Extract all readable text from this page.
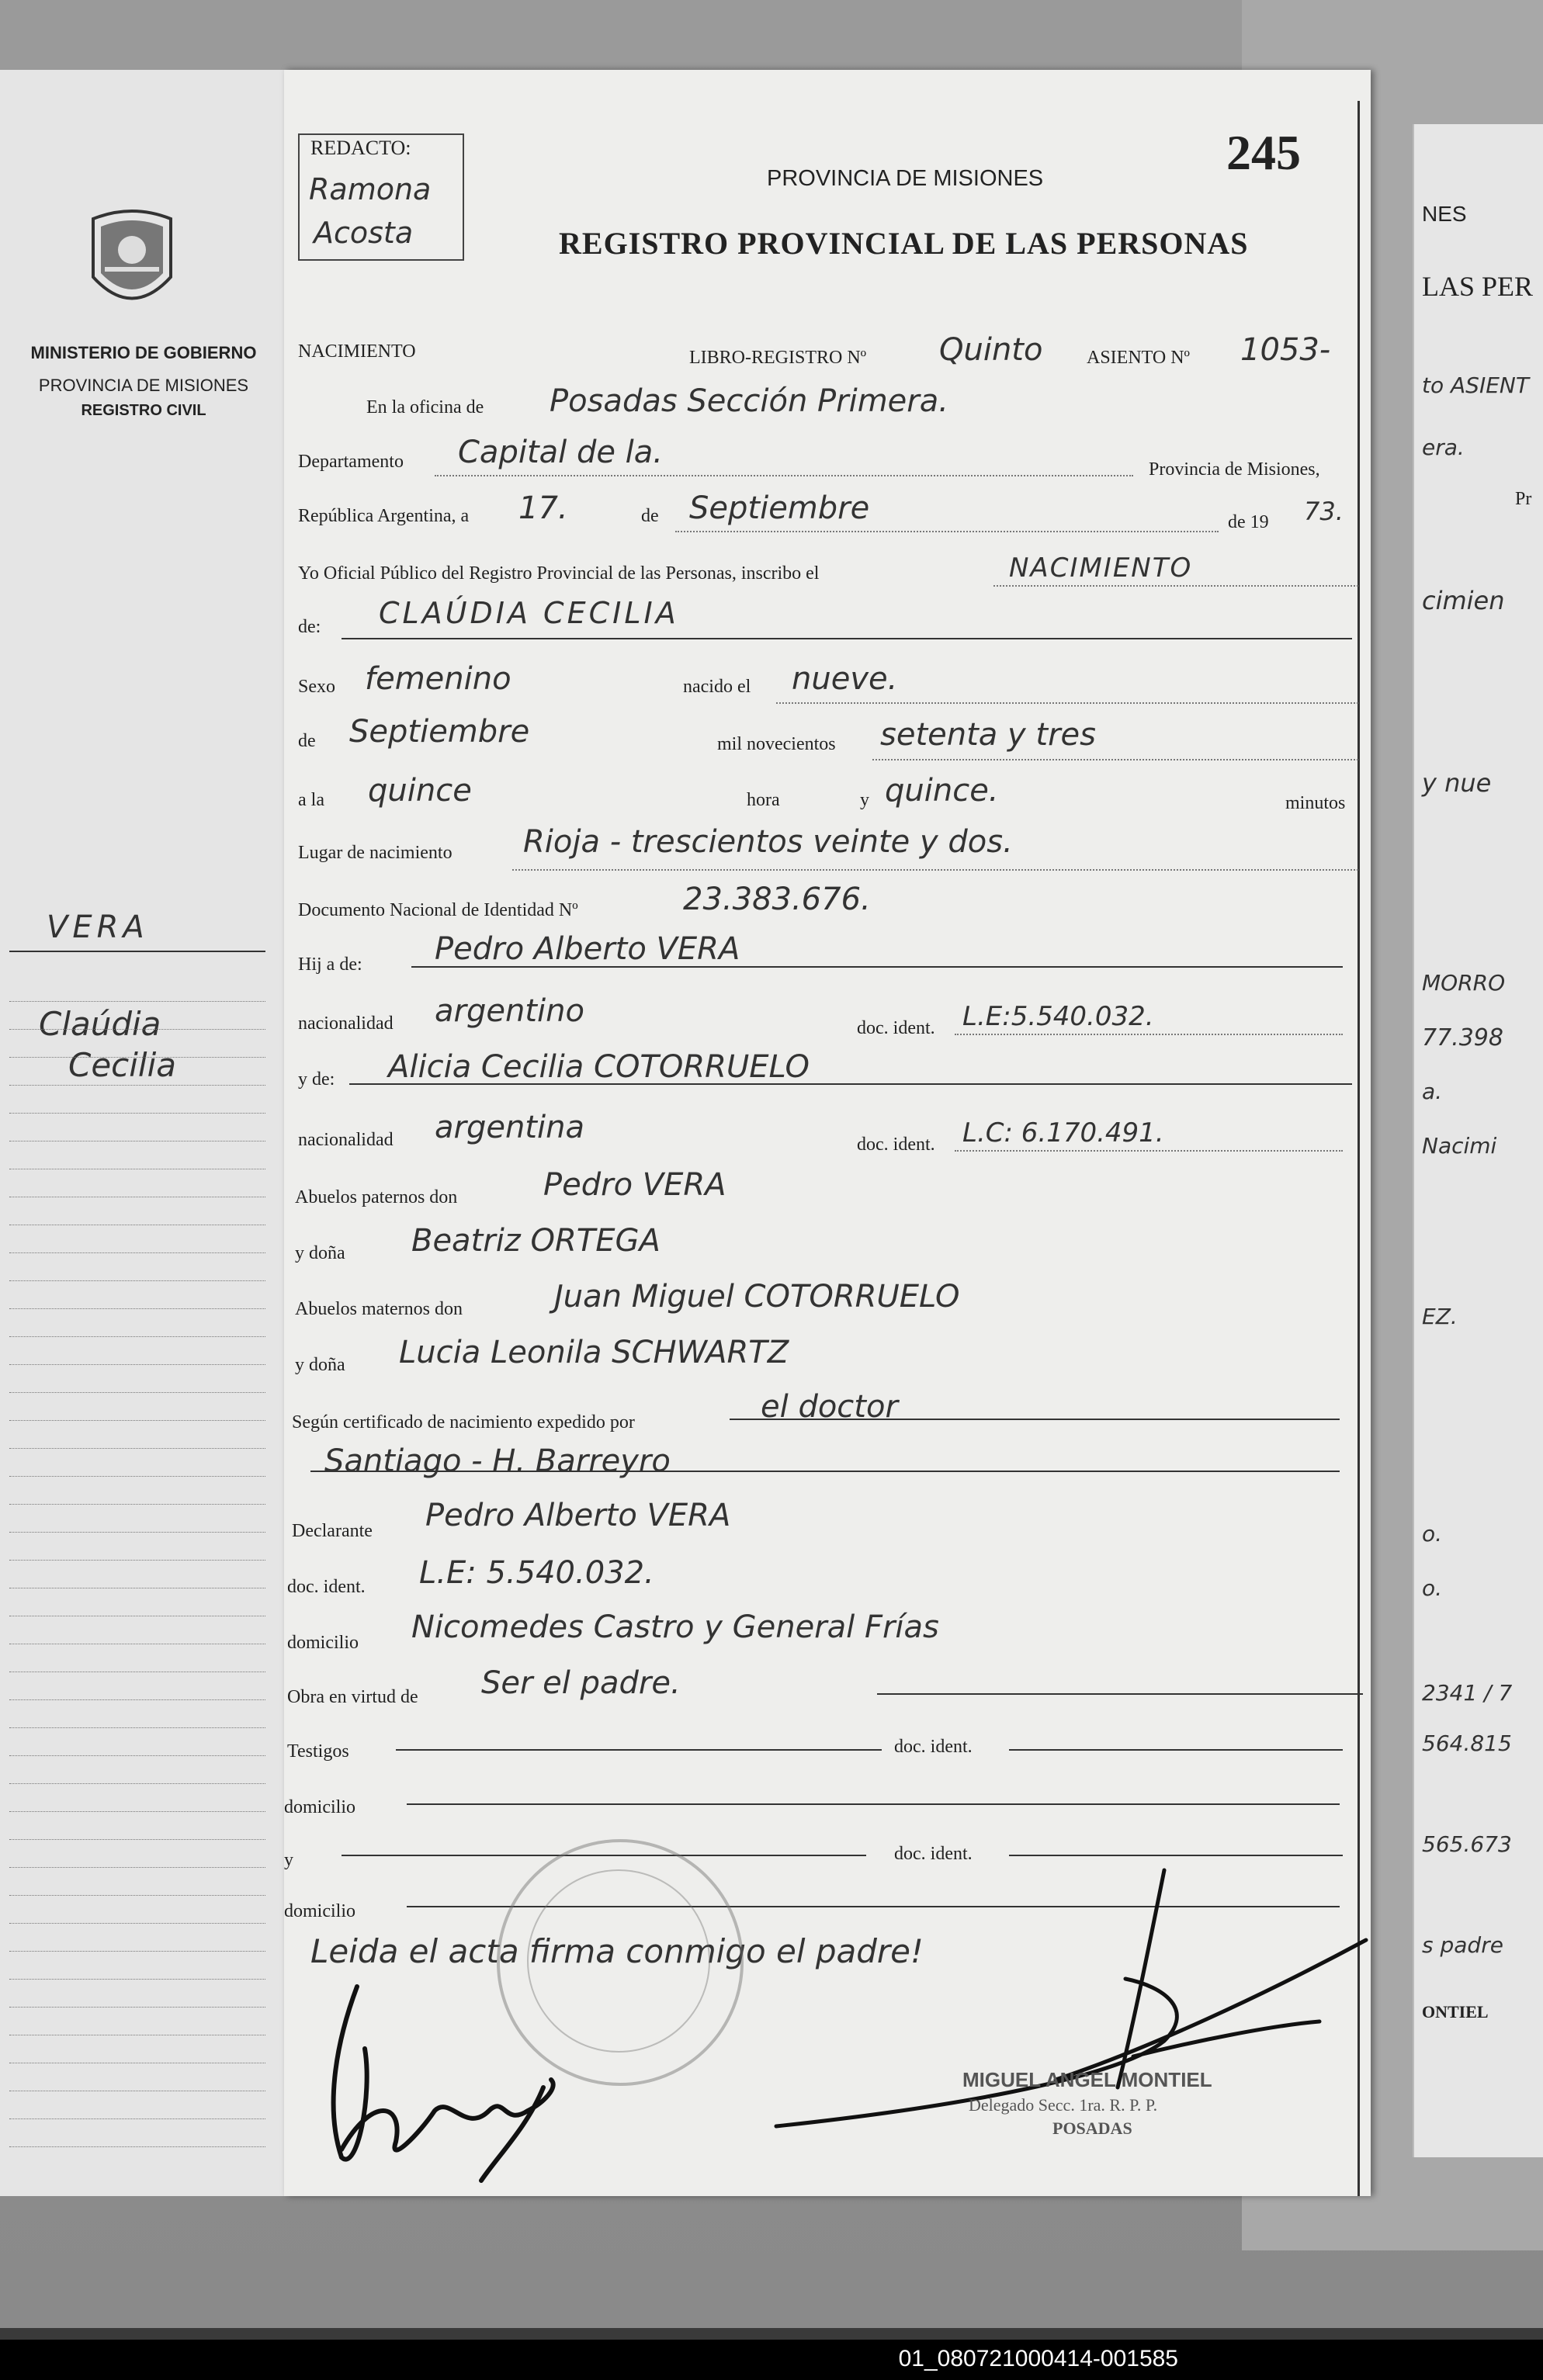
NES
LAS PER
to ASIENT
era.
Pr
cimien
y nue
MORRO
77.398
a.
Nacimi
EZ.
o.
o.
2341 / 7
564.815
565.673
s padre
ONTIEL
MINISTERIO DE GOBIERNO
PROVINCIA DE MISIONES
REGISTRO CIVIL
VERA
Claúdia
Cecilia
REDACTO:
Ramona
Acosta
245
PROVINCIA DE MISIONES
REGISTRO PROVINCIAL DE LAS PERSONAS
NACIMIENTO	LIBRO-REGISTRO Nº Quinto ASIENTO Nº 1053-
En la oficina de Posadas Sección Primera.
Departamento Capital de la.	Provincia de Misiones,
República Argentina, a 17.	de Septiembre	de 19 73.
Yo Oficial Público del Registro Provincial de las Personas, inscribo el	NACIMIENTO
de: CLAÚDIA CECILIA
Sexo femenino	nacido el nueve.
de Septiembre	mil novecientos setenta y tres
a la quince	hora	y quince.	minutos
Lugar de nacimiento Rioja - trescientos veinte y dos.
Documento Nacional de Identidad Nº	23.383.676.
Hij a de: Pedro Alberto VERA
nacionalidad argentino	doc. ident. L.E:5.540.032.
y de: Alicia Cecilia COTORRUELO
nacionalidad argentina	doc. ident. L.C: 6.170.491.
Abuelos paternos don	Pedro VERA
y doña Beatriz ORTEGA
Abuelos maternos don	Juan Miguel COTORRUELO
y doña Lucia Leonila SCHWARTZ
Según certificado de nacimiento expedido por	el doctor
Santiago - H. Barreyro
Declarante Pedro Alberto VERA
doc. ident. L.E: 5.540.032.
domicilio Nicomedes Castro y General Frías
Obra en virtud de Ser el padre.
Testigos	doc. ident.
domicilio
y	doc. ident.
domicilio
Leida el acta firma conmigo el padre!
MIGUEL ANGEL MONTIEL
Delegado Secc. 1ra. R. P. P.
POSADAS
01_080721000414-001585
